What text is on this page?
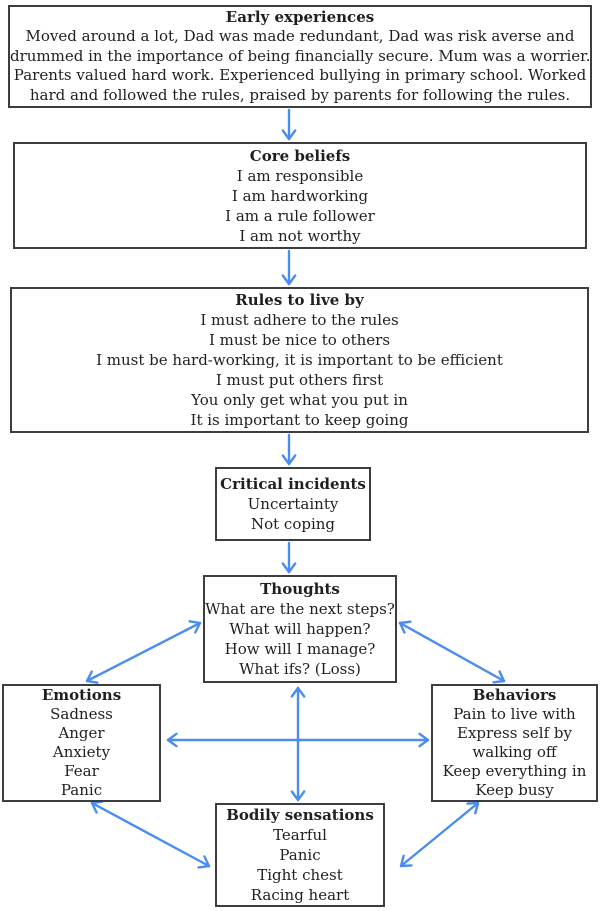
Early experiences
Moved around a lot, Dad was made redundant, Dad was risk averse and
drummed in the importance of being financially secure. Mum was a worrier.
Parents valued hard work. Experienced bullying in primary school. Worked
hard and followed the rules, praised by parents for following the rules.
Core beliefs
I am responsible
I am hardworking
I am a rule follower
I am not worthy
Rules to live by
I must adhere to the rules
I must be nice to others
I must be hard-working, it is important to be efficient
I must put others first
You only get what you put in
It is important to keep going
Critical incidents
Uncertainty
Not coping
Thoughts
What are the next steps?
What will happen?
How will I manage?
What ifs? (Loss)
Emotions
Sadness
Anger
Anxiety
Fear
Panic
Behaviors
Pain to live with
Express self by
walking off
Keep everything in
Keep busy
Bodily sensations
Tearful
Panic
Tight chest
Racing heart
